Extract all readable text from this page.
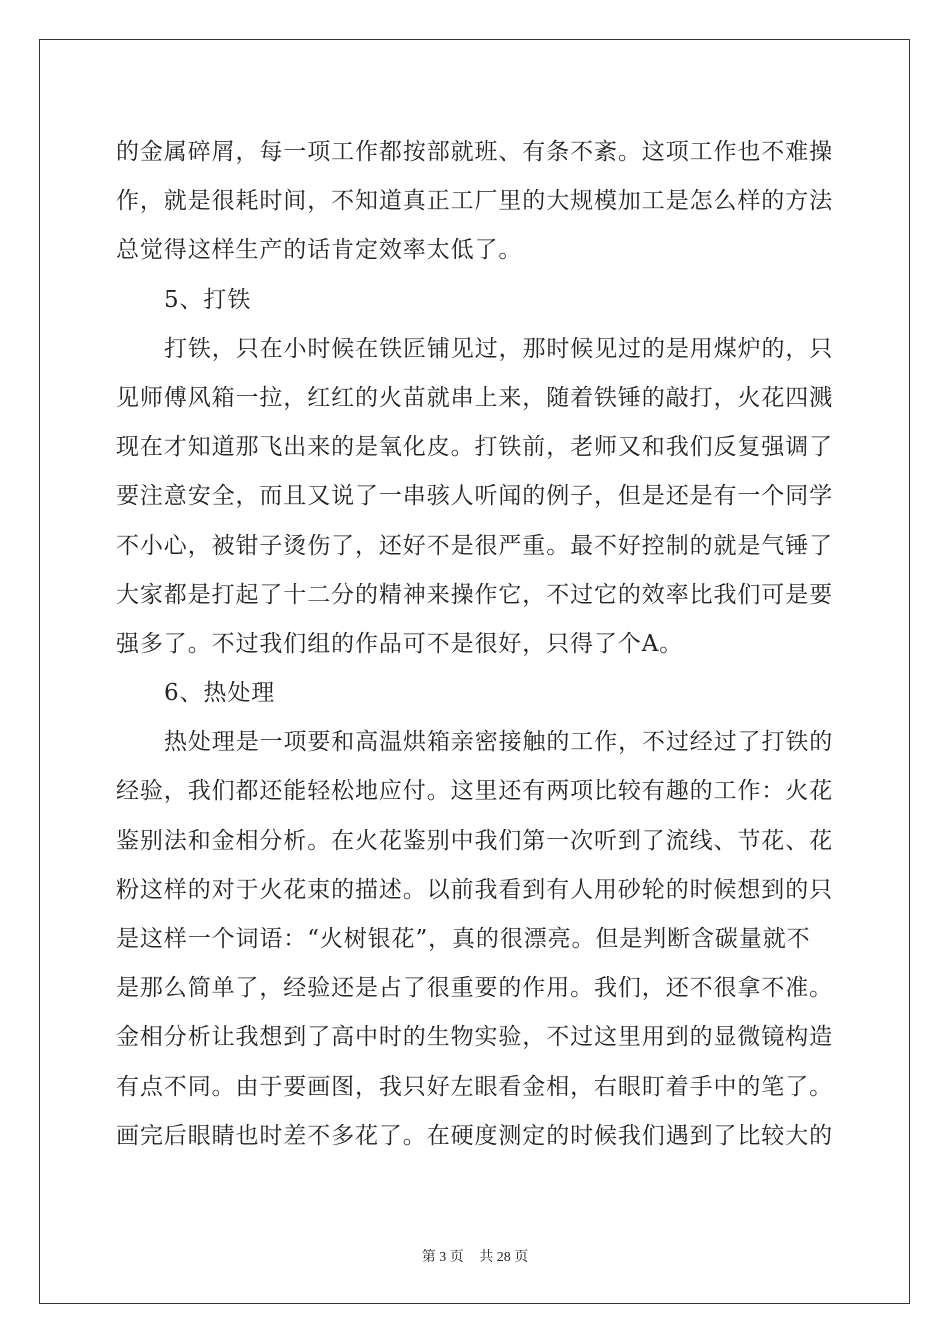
的金属碎屑，每一项工作都按部就班、有条不紊。这项工作也不难操
作，就是很耗时间，不知道真正工厂里的大规模加工是怎么样的方法
总觉得这样生产的话肯定效率太低了。
5、打铁
打铁，只在小时候在铁匠铺见过，那时候见过的是用煤炉的，只
见师傅风箱一拉，红红的火苗就串上来，随着铁锤的敲打，火花四溅
现在才知道那飞出来的是氧化皮。打铁前，老师又和我们反复强调了
要注意安全，而且又说了一串骇人听闻的例子，但是还是有一个同学
不小心，被钳子烫伤了，还好不是很严重。最不好控制的就是气锤了
大家都是打起了十二分的精神来操作它，不过它的效率比我们可是要
强多了。不过我们组的作品可不是很好，只得了个A。
6、热处理
热处理是一项要和高温烘箱亲密接触的工作，不过经过了打铁的
经验，我们都还能轻松地应付。这里还有两项比较有趣的工作：火花
鉴别法和金相分析。在火花鉴别中我们第一次听到了流线、节花、花
粉这样的对于火花束的描述。以前我看到有人用砂轮的时候想到的只
是这样一个词语：“火树银花”，真的很漂亮。但是判断含碳量就不
是那么简单了，经验还是占了很重要的作用。我们，还不很拿不准。
金相分析让我想到了高中时的生物实验，不过这里用到的显微镜构造
有点不同。由于要画图，我只好左眼看金相，右眼盯着手中的笔了。
画完后眼睛也时差不多花了。在硬度测定的时候我们遇到了比较大的
第 3 页 共 28 页
